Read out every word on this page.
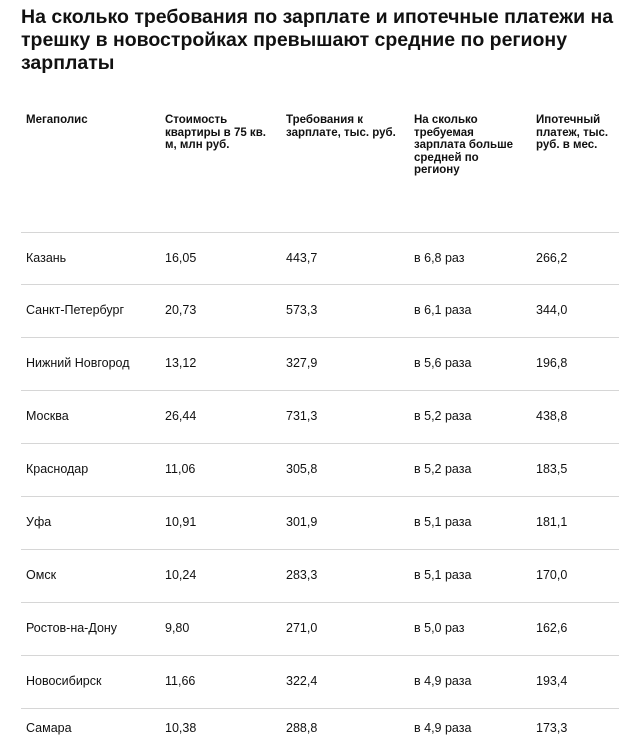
На сколько требования по зарплате и ипотечные платежи на трешку в новостройках превышают средние по региону зарплаты
Мегаполис	Стоимость квартиры в 75 кв. м, млн руб.	Требования к зарплате, тыс. руб.	На сколько требуемая зарплата больше средней по региону	Ипотечный платеж, тыс. руб. в мес.
Казань	16,05	443,7	в 6,8 раз	266,2
Санкт-Петербург	20,73	573,3	в 6,1 раза	344,0
Нижний Новгород	13,12	327,9	в 5,6 раза	196,8
Москва	26,44	731,3	в 5,2 раза	438,8
Краснодар	11,06	305,8	в 5,2 раза	183,5
Уфа	10,91	301,9	в 5,1 раза	181,1
Омск	10,24	283,3	в 5,1 раза	170,0
Ростов-на-Дону	9,80	271,0	в 5,0 раз	162,6
Новосибирск	11,66	322,4	в 4,9 раза	193,4
Самара	10,38	288,8	в 4,9 раза	173,3
